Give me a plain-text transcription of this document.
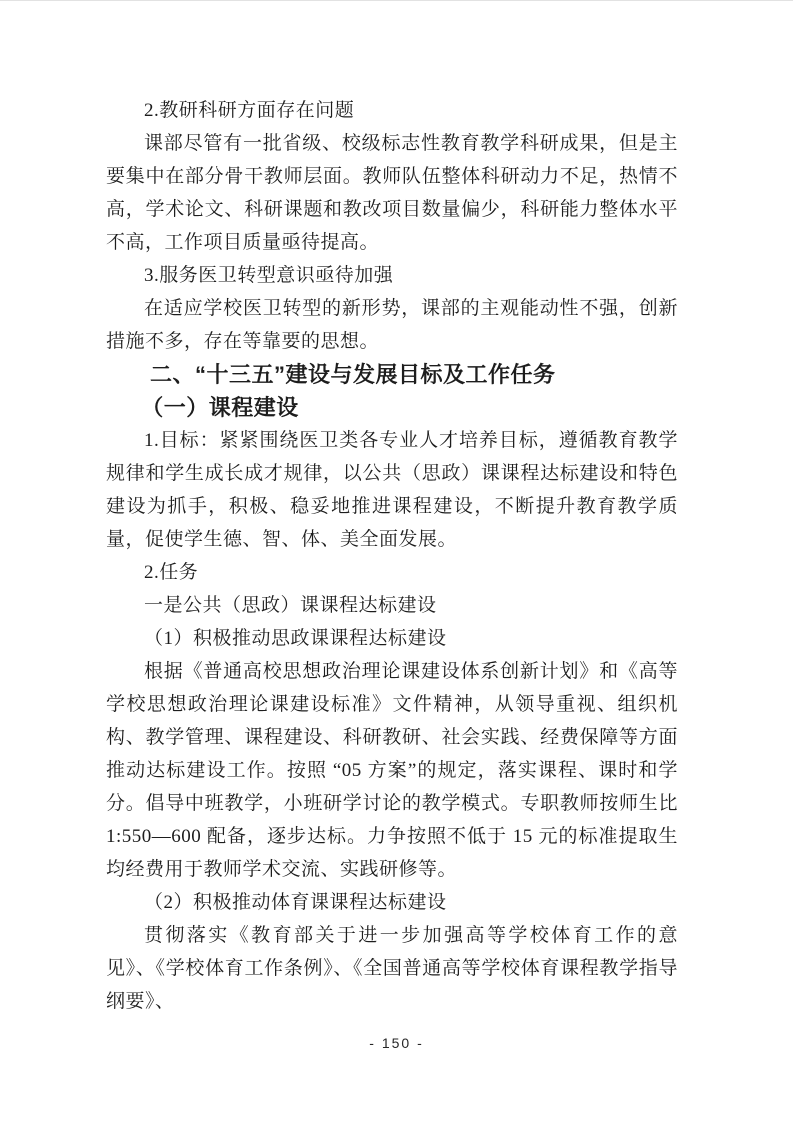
2.教研科研方面存在问题

课部尽管有一批省级、校级标志性教育教学科研成果，但是主要集中在部分骨干教师层面。教师队伍整体科研动力不足，热情不高，学术论文、科研课题和教改项目数量偏少，科研能力整体水平不高，工作项目质量亟待提高。

3.服务医卫转型意识亟待加强

在适应学校医卫转型的新形势，课部的主观能动性不强，创新措施不多，存在等靠要的思想。

二、“十三五”建设与发展目标及工作任务

（一）课程建设

1.目标：紧紧围绕医卫类各专业人才培养目标，遵循教育教学规律和学生成长成才规律，以公共（思政）课课程达标建设和特色建设为抓手，积极、稳妥地推进课程建设，不断提升教育教学质量，促使学生德、智、体、美全面发展。

2.任务

一是公共（思政）课课程达标建设

（1）积极推动思政课课程达标建设

根据《普通高校思想政治理论课建设体系创新计划》和《高等学校思想政治理论课建设标准》文件精神，从领导重视、组织机构、教学管理、课程建设、科研教研、社会实践、经费保障等方面推动达标建设工作。按照 “05 方案”的规定，落实课程、课时和学分。倡导中班教学，小班研学讨论的教学模式。专职教师按师生比 1:550—600 配备，逐步达标。力争按照不低于 15 元的标准提取生均经费用于教师学术交流、实践研修等。

（2）积极推动体育课课程达标建设

贯彻落实《教育部关于进一步加强高等学校体育工作的意见》、《学校体育工作条例》、《全国普通高等学校体育课程教学指导纲要》、

- 150 -
